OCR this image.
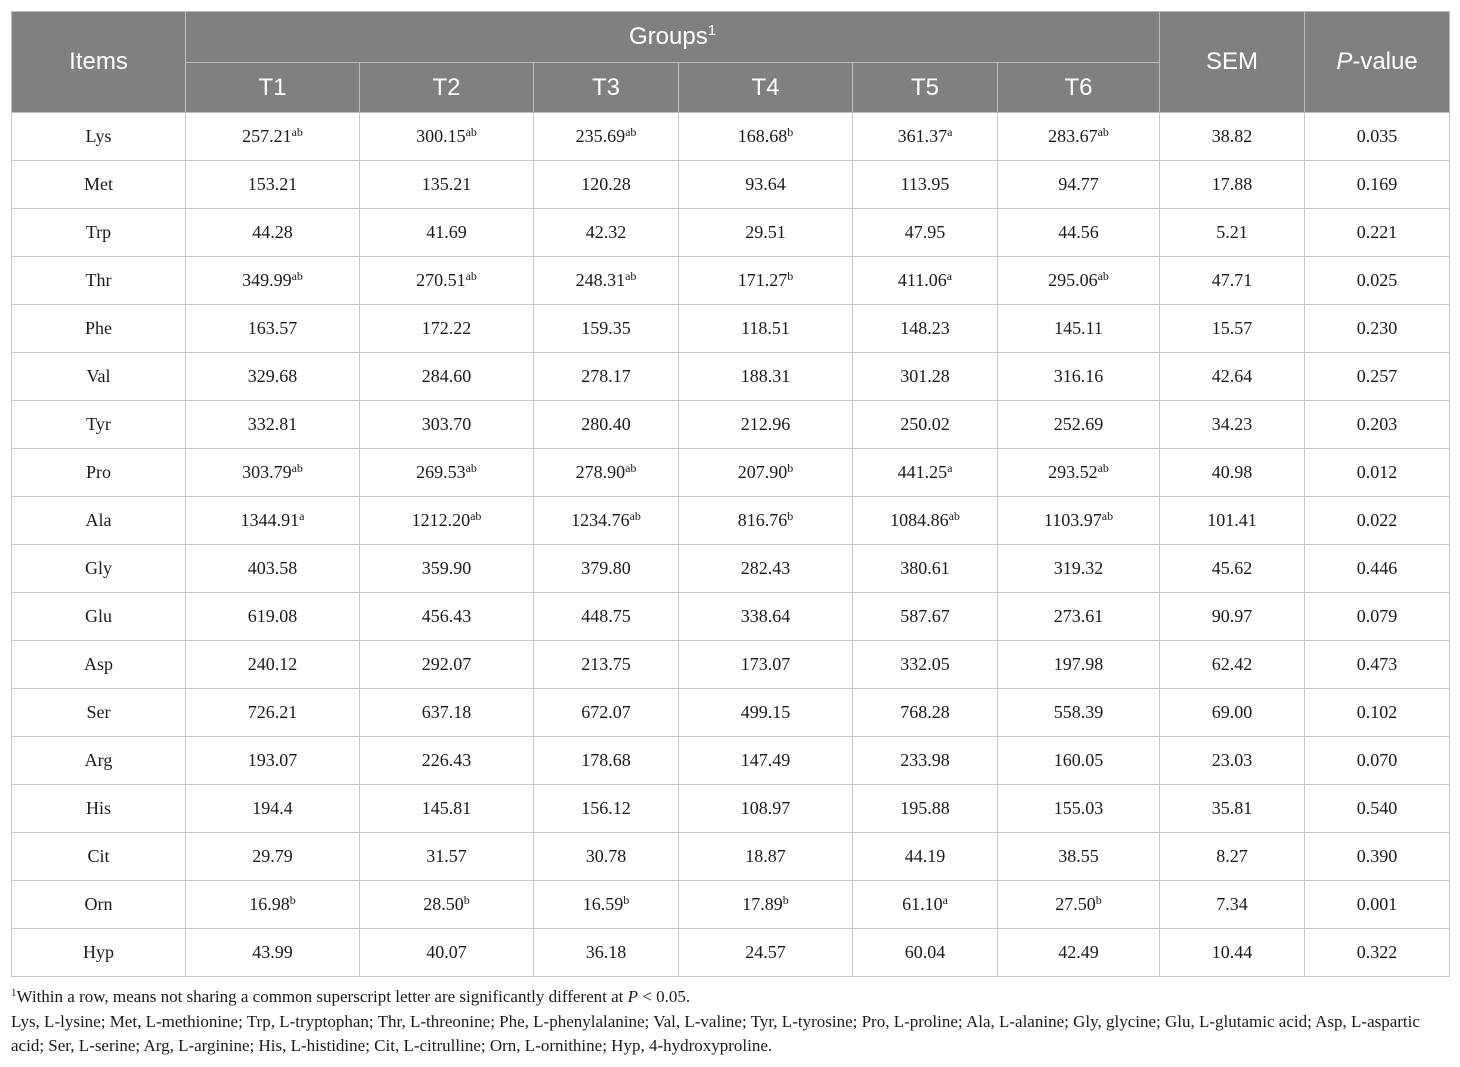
Items	Groups$^1$						SEM	P-value
	T1	T2	T3	T4	T5	T6		
Lys	257.21$^{ab}$	300.15$^{ab}$	235.69$^{ab}$	168.68$^b$	361.37$^a$	283.67$^{ab}$	38.82	0.035
Met	153.21	135.21	120.28	93.64	113.95	94.77	17.88	0.169
Trp	44.28	41.69	42.32	29.51	47.95	44.56	5.21	0.221
Thr	349.99$^{ab}$	270.51$^{ab}$	248.31$^{ab}$	171.27$^b$	411.06$^a$	295.06$^{ab}$	47.71	0.025
Phe	163.57	172.22	159.35	118.51	148.23	145.11	15.57	0.230
Val	329.68	284.60	278.17	188.31	301.28	316.16	42.64	0.257
Tyr	332.81	303.70	280.40	212.96	250.02	252.69	34.23	0.203
Pro	303.79$^{ab}$	269.53$^{ab}$	278.90$^{ab}$	207.90$^b$	441.25$^a$	293.52$^{ab}$	40.98	0.012
Ala	1344.91$^a$	1212.20$^{ab}$	1234.76$^{ab}$	816.76$^b$	1084.86$^{ab}$	1103.97$^{ab}$	101.41	0.022
Gly	403.58	359.90	379.80	282.43	380.61	319.32	45.62	0.446
Glu	619.08	456.43	448.75	338.64	587.67	273.61	90.97	0.079
Asp	240.12	292.07	213.75	173.07	332.05	197.98	62.42	0.473
Ser	726.21	637.18	672.07	499.15	768.28	558.39	69.00	0.102
Arg	193.07	226.43	178.68	147.49	233.98	160.05	23.03	0.070
His	194.4	145.81	156.12	108.97	195.88	155.03	35.81	0.540
Cit	29.79	31.57	30.78	18.87	44.19	38.55	8.27	0.390
Orn	16.98$^b$	28.50$^b$	16.59$^b$	17.89$^b$	61.10$^a$	27.50$^b$	7.34	0.001
Hyp	43.99	40.07	36.18	24.57	60.04	42.49	10.44	0.322

$^1$Within a row, means not sharing a common superscript letter are significantly different at P < 0.05.

Lys, L-lysine; Met, L-methionine; Trp, L-tryptophan; Thr, L-threonine; Phe, L-phenylalanine; Val, L-valine; Tyr, L-tyrosine; Pro, L-proline; Ala, L-alanine; Gly, glycine; Glu, L-glutamic acid; Asp, L-aspartic acid; Ser, L-serine; Arg, L-arginine; His, L-histidine; Cit, L-citrulline; Orn, L-ornithine; Hyp, 4-hydroxyproline.
